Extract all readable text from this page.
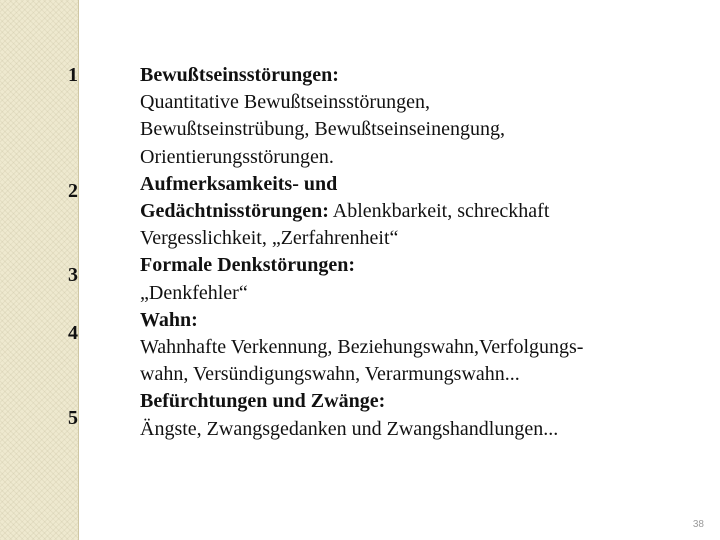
1
2
3
4
5
Bewußtseinsstörungen:
Quantitative Bewußtseinsstörungen,
Bewußtseinstrübung, Bewußtseinseinengung,
Orientierungsstörungen.
Aufmerksamkeits- und
Gedächtnisstörungen: Ablenkbarkeit, schreckhaft
Vergesslichkeit, „Zerfahrenheit“
Formale Denkstörungen:
„Denkfehler“
Wahn:
Wahnhafte Verkennung, Beziehungswahn,Verfolgungs-
wahn, Versündigungswahn, Verarmungswahn...
Befürchtungen und Zwänge:
Ängste, Zwangsgedanken und Zwangshandlungen...
38
